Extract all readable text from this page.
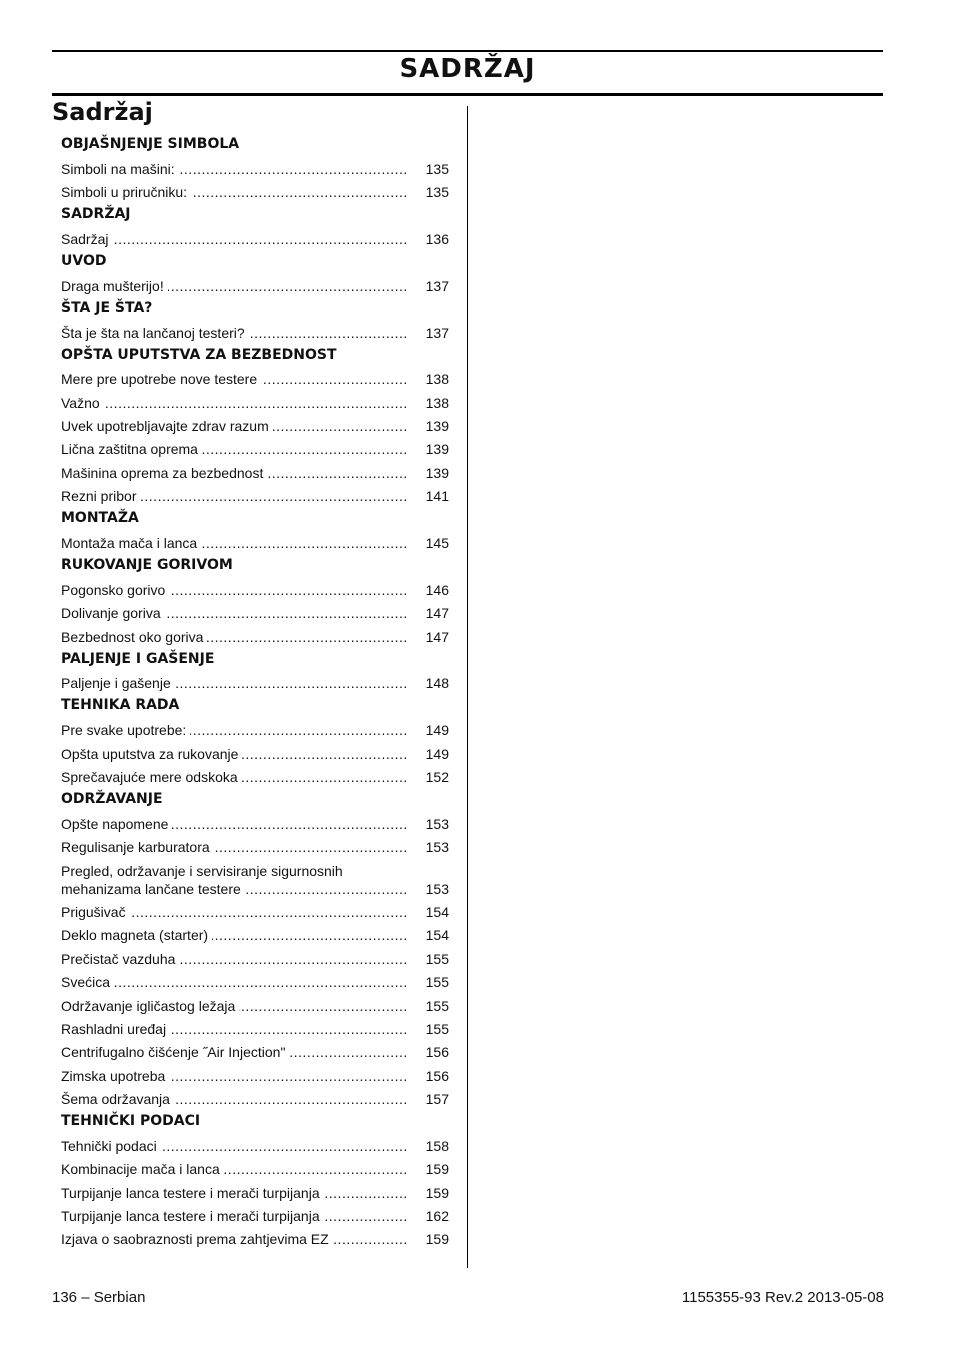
SADRŽAJ
Sadržaj
OBJAŠNJENJE SIMBOLA
Simboli na mašini: .....	135
Simboli u priručniku: .....	135
SADRŽAJ
Sadržaj .....	136
UVOD
Draga mušterijo! .....	137
ŠTA JE ŠTA?
Šta je šta na lančanoj testeri? .....	137
OPŠTA UPUTSTVA ZA BEZBEDNOST
Mere pre upotrebe nove testere .....	138
Važno .....	138
Uvek upotrebljavajte zdrav razum .....	139
Lična zaštitna oprema .....	139
Mašinina oprema za bezbednost .....	139
Rezni pribor .....	141
MONTAŽA
Montaža mača i lanca .....	145
RUKOVANJE GORIVOM
Pogonsko gorivo .....	146
Dolivanje goriva .....	147
Bezbednost oko goriva .....	147
PALJENJE I GAŠENJE
Paljenje i gašenje .....	148
TEHNIKA RADA
Pre svake upotrebe: .....	149
Opšta uputstva za rukovanje .....	149
Sprečavajuće mere odskoka .....	152
ODRŽAVANJE
Opšte napomene .....	153
Regulisanje karburatora .....	153
Pregled, održavanje i servisiranje sigurnosnih
mehanizama lančane testere .....	153
Prigušivač .....	154
Deklo magneta (starter) .....	154
Prečistač vazduha .....	155
Svećica .....	155
Održavanje igličastog ležaja .....	155
Rashladni uređaj .....	155
Centrifugalno čišćenje ˝Air Injection" .....	156
Zimska upotreba .....	156
Šema održavanja .....	157
TEHNIČKI PODACI
Tehnički podaci .....	158
Kombinacije mača i lanca .....	159
Turpijanje lanca testere i merači turpijanja .....	159
Turpijanje lanca testere i merači turpijanja .....	162
Izjava o saobraznosti prema zahtjevima EZ .....	159
136 – Serbian	1155355-93 Rev.2 2013-05-08
